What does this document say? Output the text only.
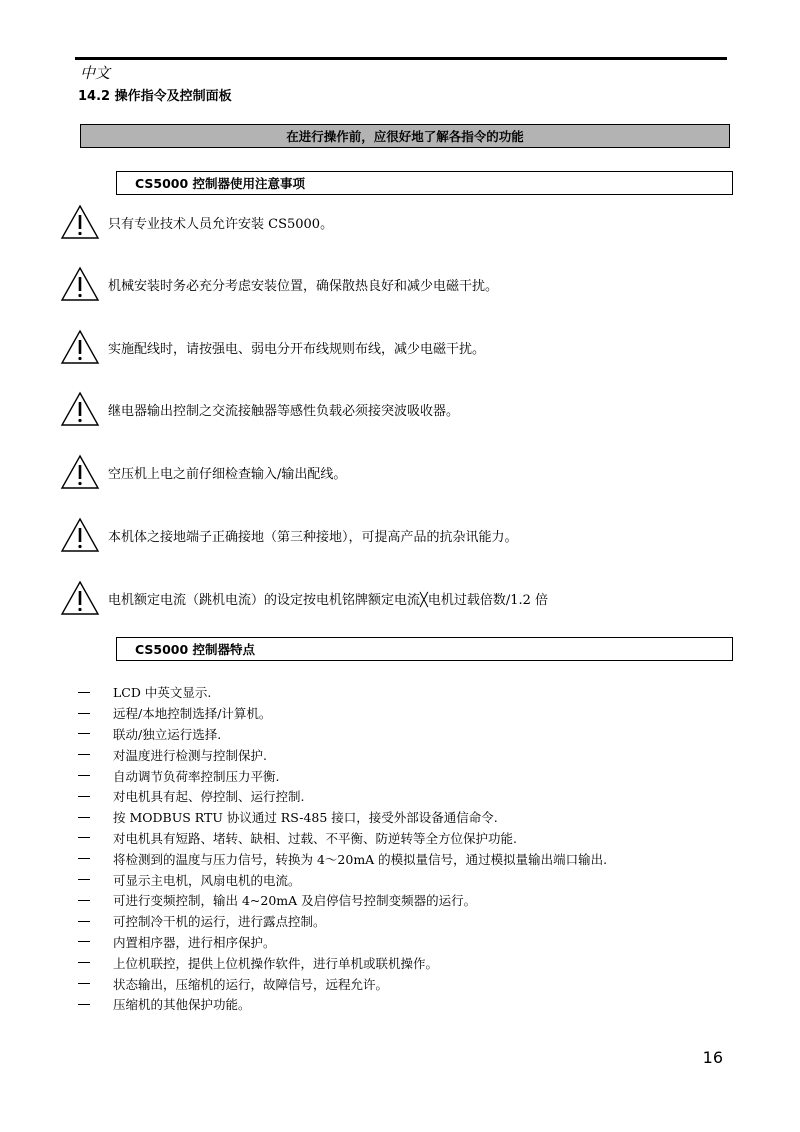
中文
14.2 操作指令及控制面板
在进行操作前，应很好地了解各指令的功能
CS5000 控制器使用注意事项
只有专业技术人员允许安装 CS5000。
机械安装时务必充分考虑安装位置，确保散热良好和减少电磁干扰。
实施配线时，请按强电、弱电分开布线规则布线，减少电磁干扰。
继电器输出控制之交流接触器等感性负载必须接突波吸收器。
空压机上电之前仔细检查输入/输出配线。
本机体之接地端子正确接地（第三种接地），可提高产品的抗杂讯能力。
电机额定电流（跳机电流）的设定按电机铭牌额定电流╳电机过载倍数/1.2 倍
CS5000 控制器特点
LCD 中英文显示.
远程/本地控制选择/计算机。
联动/独立运行选择.
对温度进行检测与控制保护.
自动调节负荷率控制压力平衡.
对电机具有起、停控制、运行控制.
按 MODBUS RTU 协议通过 RS-485 接口，接受外部设备通信命令.
对电机具有短路、堵转、缺相、过载、不平衡、防逆转等全方位保护功能.
将检测到的温度与压力信号，转换为 4～20mA 的模拟量信号，通过模拟量输出端口输出.
可显示主电机，风扇电机的电流。
可进行变频控制，输出 4~20mA 及启停信号控制变频器的运行。
可控制冷干机的运行，进行露点控制。
内置相序器，进行相序保护。
上位机联控，提供上位机操作软件，进行单机或联机操作。
状态输出，压缩机的运行，故障信号，远程允许。
压缩机的其他保护功能。
16
